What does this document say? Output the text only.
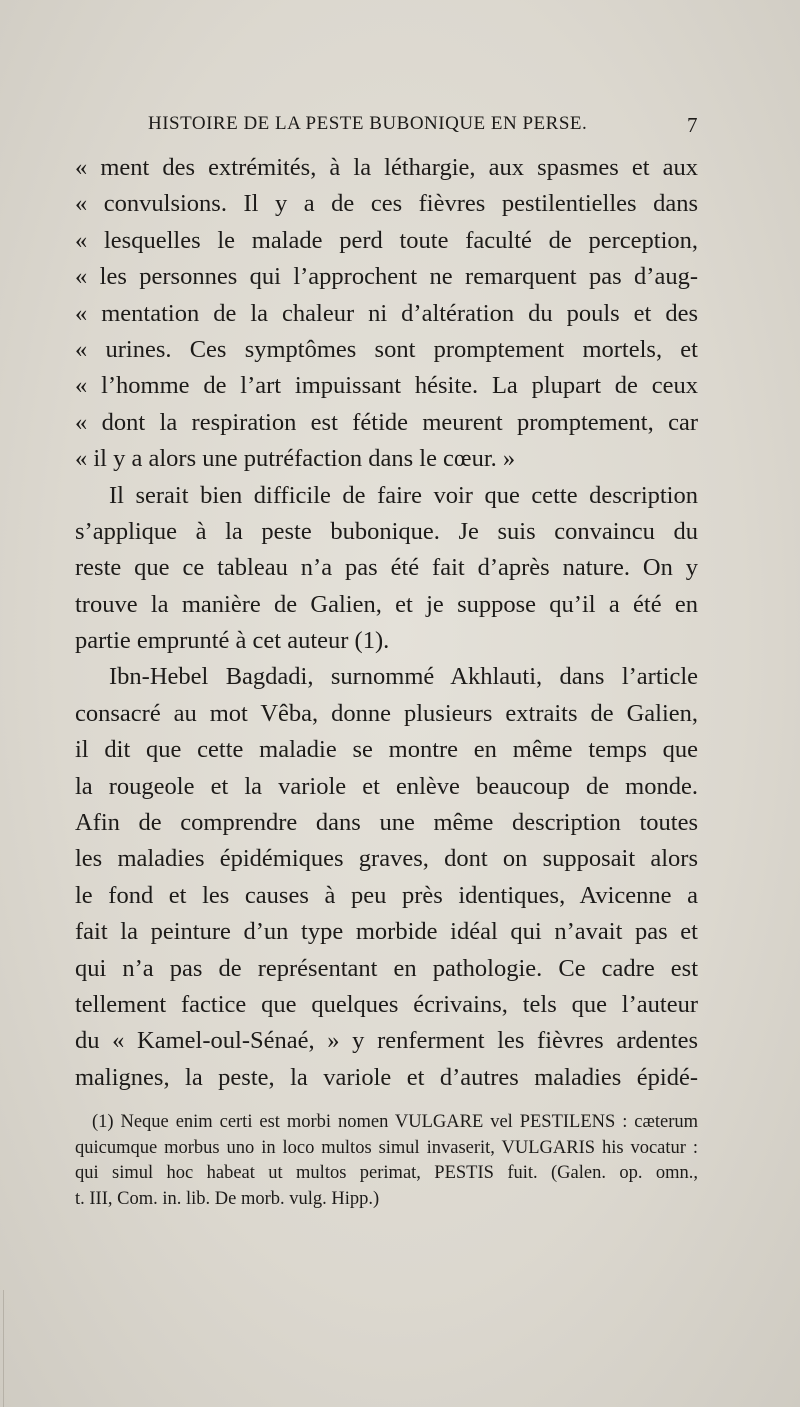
HISTOIRE DE LA PESTE BUBONIQUE EN PERSE.	7
« ment des extrémités, à la léthargie, aux spasmes et aux
« convulsions. Il y a de ces fièvres pestilentielles dans
« lesquelles le malade perd toute faculté de perception,
« les personnes qui l’approchent ne remarquent pas d’aug-
« mentation de la chaleur ni d’altération du pouls et des
« urines. Ces symptômes sont promptement mortels, et
« l’homme de l’art impuissant hésite. La plupart de ceux
« dont la respiration est fétide meurent promptement, car
« il y a alors une putréfaction dans le cœur. »
Il serait bien difficile de faire voir que cette description
s’applique à la peste bubonique. Je suis convaincu du
reste que ce tableau n’a pas été fait d’après nature. On y
trouve la manière de Galien, et je suppose qu’il a été en
partie emprunté à cet auteur (1).
Ibn-Hebel Bagdadi, surnommé Akhlauti, dans l’article
consacré au mot Vêba, donne plusieurs extraits de Galien,
il dit que cette maladie se montre en même temps que
la rougeole et la variole et enlève beaucoup de monde.
Afin de comprendre dans une même description toutes
les maladies épidémiques graves, dont on supposait alors
le fond et les causes à peu près identiques, Avicenne a
fait la peinture d’un type morbide idéal qui n’avait pas et
qui n’a pas de représentant en pathologie. Ce cadre est
tellement factice que quelques écrivains, tels que l’auteur
du « Kamel-oul-Sénaé, » y renferment les fièvres ardentes
malignes, la peste, la variole et d’autres maladies épidé-
(1) Neque enim certi est morbi nomen VULGARE vel PESTILENS : cæterum
quicumque morbus uno in loco multos simul invaserit, VULGARIS his vocatur :
qui simul hoc habeat ut multos perimat, PESTIS fuit. (Galen. op. omn.,
t. III, Com. in. lib. De morb. vulg. Hipp.)
